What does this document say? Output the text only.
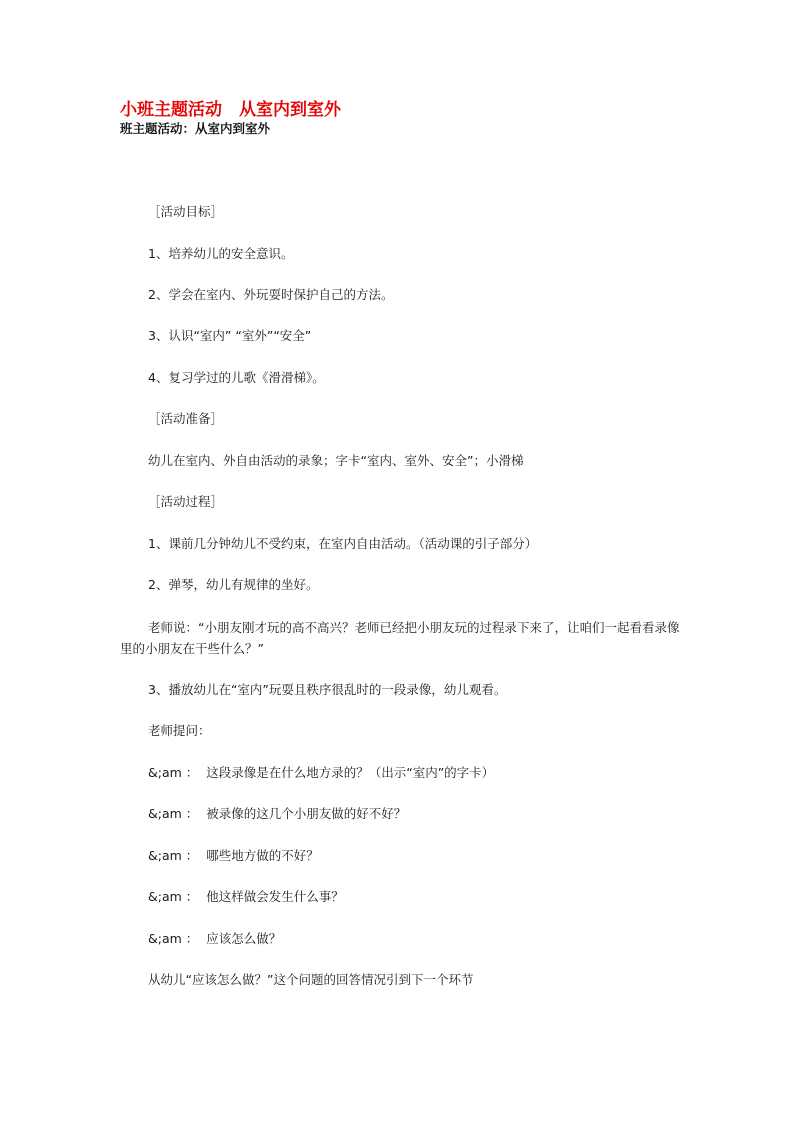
小班主题活动　从室内到室外
班主题活动：从室内到室外
［活动目标］
1、培养幼儿的安全意识。
2、学会在室内、外玩耍时保护自己的方法。
3、认识“室内” “室外”“安全”
4、复习学过的儿歌《滑滑梯》。
［活动准备］
幼儿在室内、外自由活动的录象；字卡“室内、室外、安全”；小滑梯
［活动过程］
1、课前几分钟幼儿不受约束，在室内自由活动。（活动课的引子部分）
2、弹琴，幼儿有规律的坐好。

老师说：“小朋友刚才玩的高不高兴？老师已经把小朋友玩的过程录下来了，让咱们一起看看录像里的小朋友在干些什么？”

3、播放幼儿在“室内”玩耍且秩序很乱时的一段录像，幼儿观看。
老师提问：
&;am ：  这段录像是在什么地方录的？（出示“室内”的字卡）
&;am ：  被录像的这几个小朋友做的好不好？
&;am ：  哪些地方做的不好？
&;am ：  他这样做会发生什么事？
&;am ：  应该怎么做？
从幼儿“应该怎么做？”这个问题的回答情况引到下一个环节
